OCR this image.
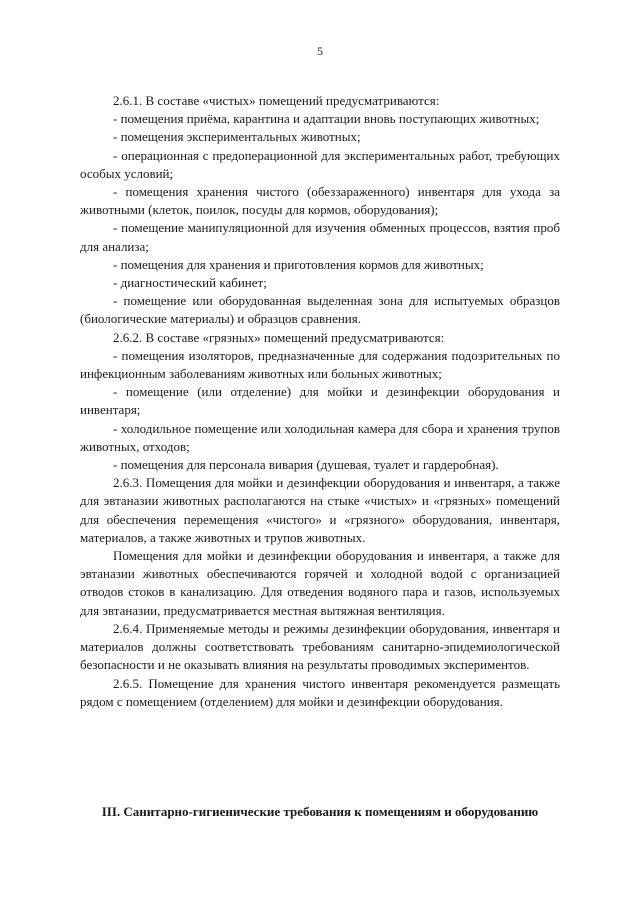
5

2.6.1. В составе «чистых» помещений предусматриваются:

- помещения приёма, карантина и адаптации вновь поступающих животных;

- помещения экспериментальных животных;

- операционная с предоперационной для экспериментальных работ, требующих особых условий;

- помещения хранения чистого (обеззараженного) инвентаря для ухода за животными (клеток, поилок, посуды для кормов, оборудования);

- помещение манипуляционной для изучения обменных процессов, взятия проб для анализа;

- помещения для хранения и приготовления кормов для животных;

- диагностический кабинет;

- помещение или оборудованная выделенная зона для испытуемых образцов (биологические материалы) и образцов сравнения.

2.6.2. В составе «грязных» помещений предусматриваются:

- помещения изоляторов, предназначенные для содержания подозрительных по инфекционным заболеваниям животных или больных животных;

- помещение (или отделение) для мойки и дезинфекции оборудования и инвентаря;

- холодильное помещение или холодильная камера для сбора и хранения трупов животных, отходов;

- помещения для персонала вивария (душевая, туалет и гардеробная).

2.6.3. Помещения для мойки и дезинфекции оборудования и инвентаря, а также для эвтаназии животных располагаются на стыке «чистых» и «грязных» помещений для обеспечения перемещения «чистого» и «грязного» оборудования, инвентаря, материалов, а также животных и трупов животных.

Помещения для мойки и дезинфекции оборудования и инвентаря, а также для эвтаназии животных обеспечиваются горячей и холодной водой с организацией отводов стоков в канализацию. Для отведения водяного пара и газов, используемых для эвтаназии, предусматривается местная вытяжная вентиляция.

2.6.4. Применяемые методы и режимы дезинфекции оборудования, инвентаря и материалов должны соответствовать требованиям санитарно-эпидемиологической безопасности и не оказывать влияния на результаты проводимых экспериментов.

2.6.5. Помещение для хранения чистого инвентаря рекомендуется размещать рядом с помещением (отделением) для мойки и дезинфекции оборудования.

III. Санитарно-гигиенические требования к помещениям и оборудованию
